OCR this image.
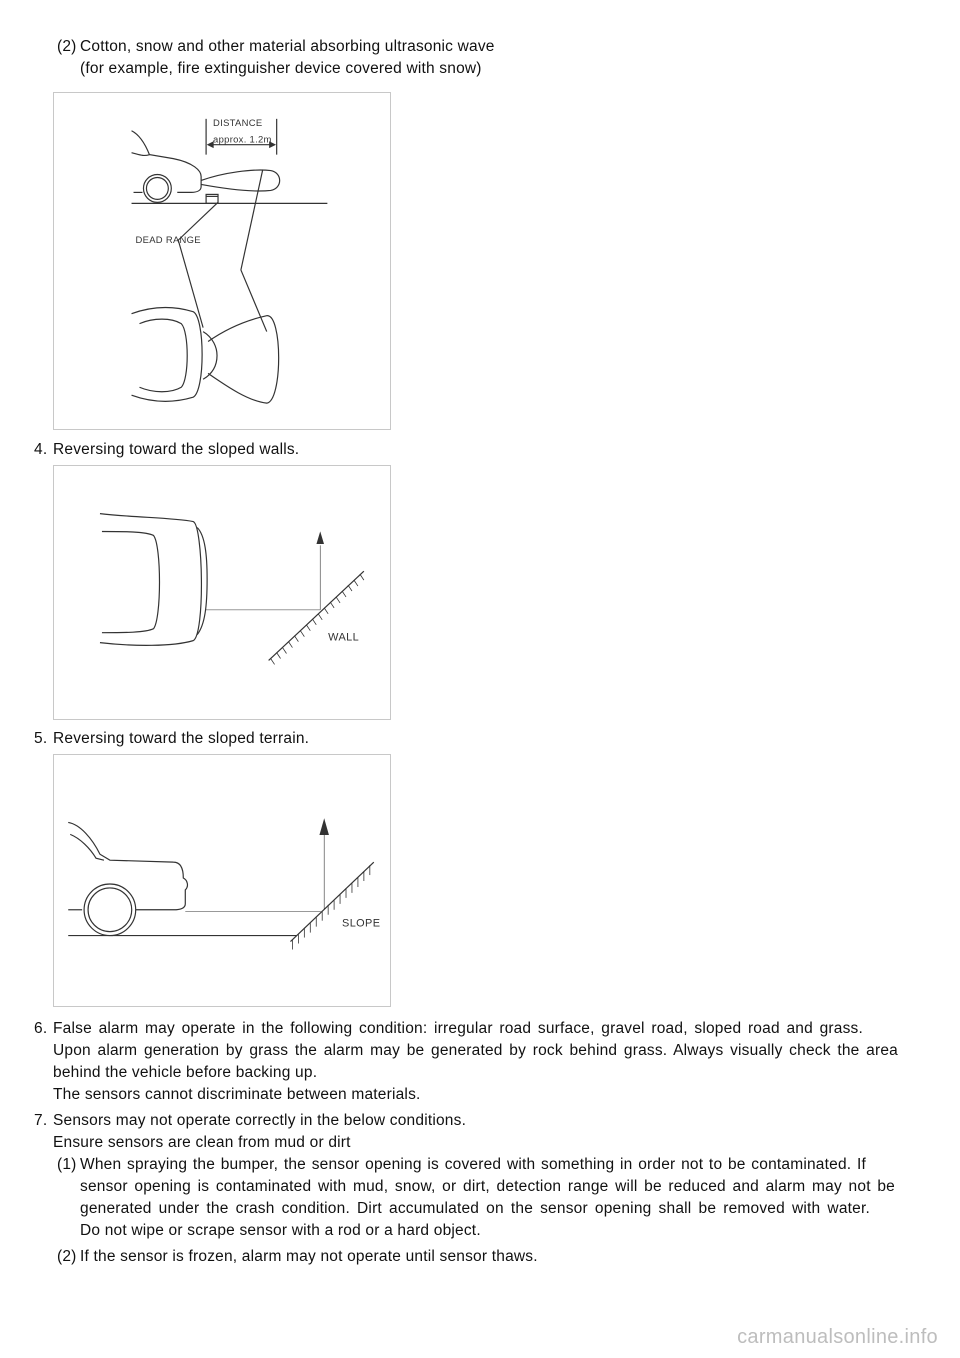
(2) Cotton, snow and other material absorbing ultrasonic wave
(for example, fire extinguisher device covered with snow)
DISTANCE
approx. 1.2m
DEAD RANGE
4. Reversing toward the sloped walls.
WALL
5. Reversing toward the sloped terrain.
SLOPE
6. False alarm may operate in the following condition: irregular road surface, gravel road, sloped road and grass.
Upon alarm generation by grass the alarm may be generated by rock behind grass. Always visually check the area
behind the vehicle before backing up.
The sensors cannot discriminate between materials.
7. Sensors may not operate correctly in the below conditions.
Ensure sensors are clean from mud or dirt
(1) When spraying the bumper, the sensor opening is covered with something in order not to be contaminated. If
sensor opening is contaminated with mud, snow, or dirt, detection range will be reduced and alarm may not be
generated under the crash condition. Dirt accumulated on the sensor opening shall be removed with water.
Do not wipe or scrape sensor with a rod or a hard object.
(2) If the sensor is frozen, alarm may not operate until sensor thaws.
carmanualsonline.info
